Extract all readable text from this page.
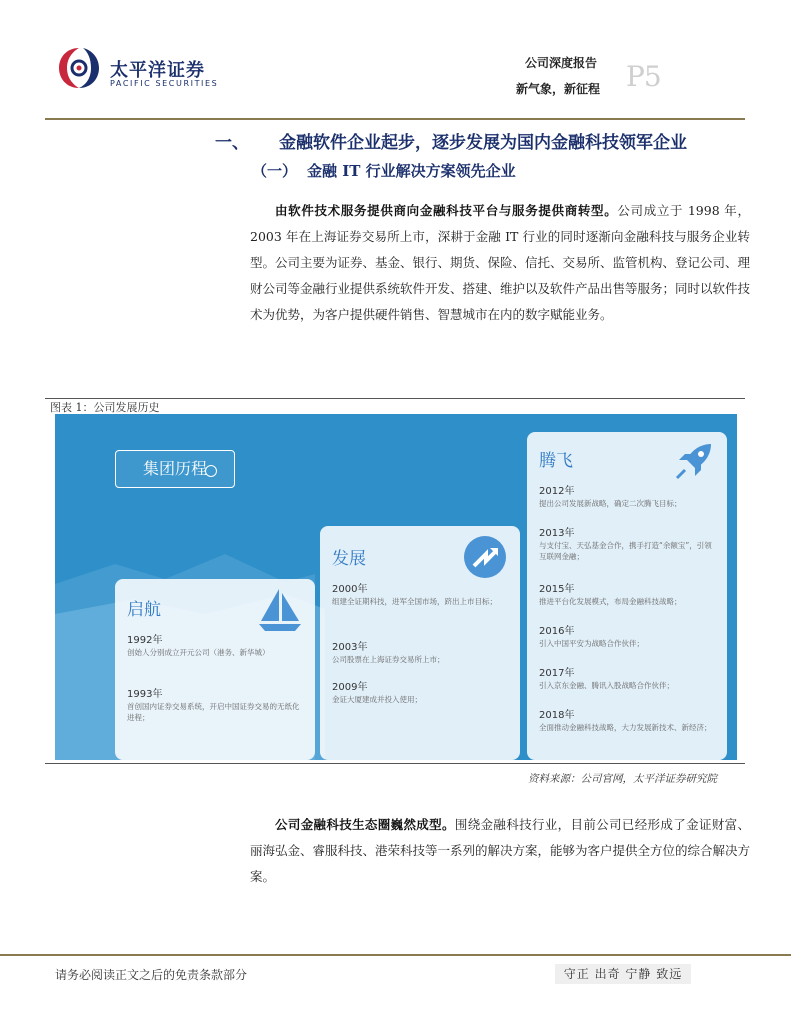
太平洋证券
PACIFIC SECURITIES
公司深度报告
新气象，新征程 P5
一、 金融软件企业起步，逐步发展为国内金融科技领军企业
（一） 金融 IT 行业解决方案领先企业
由软件技术服务提供商向金融科技平台与服务提供商转型。公司成立于 1998 年， 2003 年在上海证券交易所上市，深耕于金融 IT 行业的同时逐渐向金融科技与服务企业转型。公司主要为证券、基金、银行、期货、保险、信托、交易所、监管机构、登记公司、理财公司等金融行业提供系统软件开发、搭建、维护以及软件产品出售等服务；同时以软件技术为优势，为客户提供硬件销售、智慧城市在内的数字赋能业务。
图表 1：公司发展历史
集团历程
启航
1992年
创始人分别成立开元公司（港务、新华城）
1993年
首创国内证券交易系统，开启中国证券交易的无纸化进程；
发展
2000年
组建全证期科技，进军全国市场，跻出上市目标；
2003年
公司股票在上海证券交易所上市；
2009年
金证大厦建成并投入使用；
腾飞
2012年
提出公司发展新战略，确定二次腾飞目标；
2013年
与支付宝、天弘基金合作，携手打造“余额宝”，引领互联网金融；
2015年
推进平台化发展模式，布局金融科技战略；
2016年
引入中国平安为战略合作伙伴；
2017年
引入京东金融、腾讯入股战略合作伙伴；
2018年
全面推动金融科技战略，大力发展新技术、新经济；
资料来源：公司官网，太平洋证券研究院
公司金融科技生态圈巍然成型。围绕金融科技行业，目前公司已经形成了金证财富、丽海弘金、睿服科技、港荣科技等一系列的解决方案，能够为客户提供全方位的综合解决方案。
请务必阅读正文之后的免责条款部分	守正 出奇 宁静 致远
